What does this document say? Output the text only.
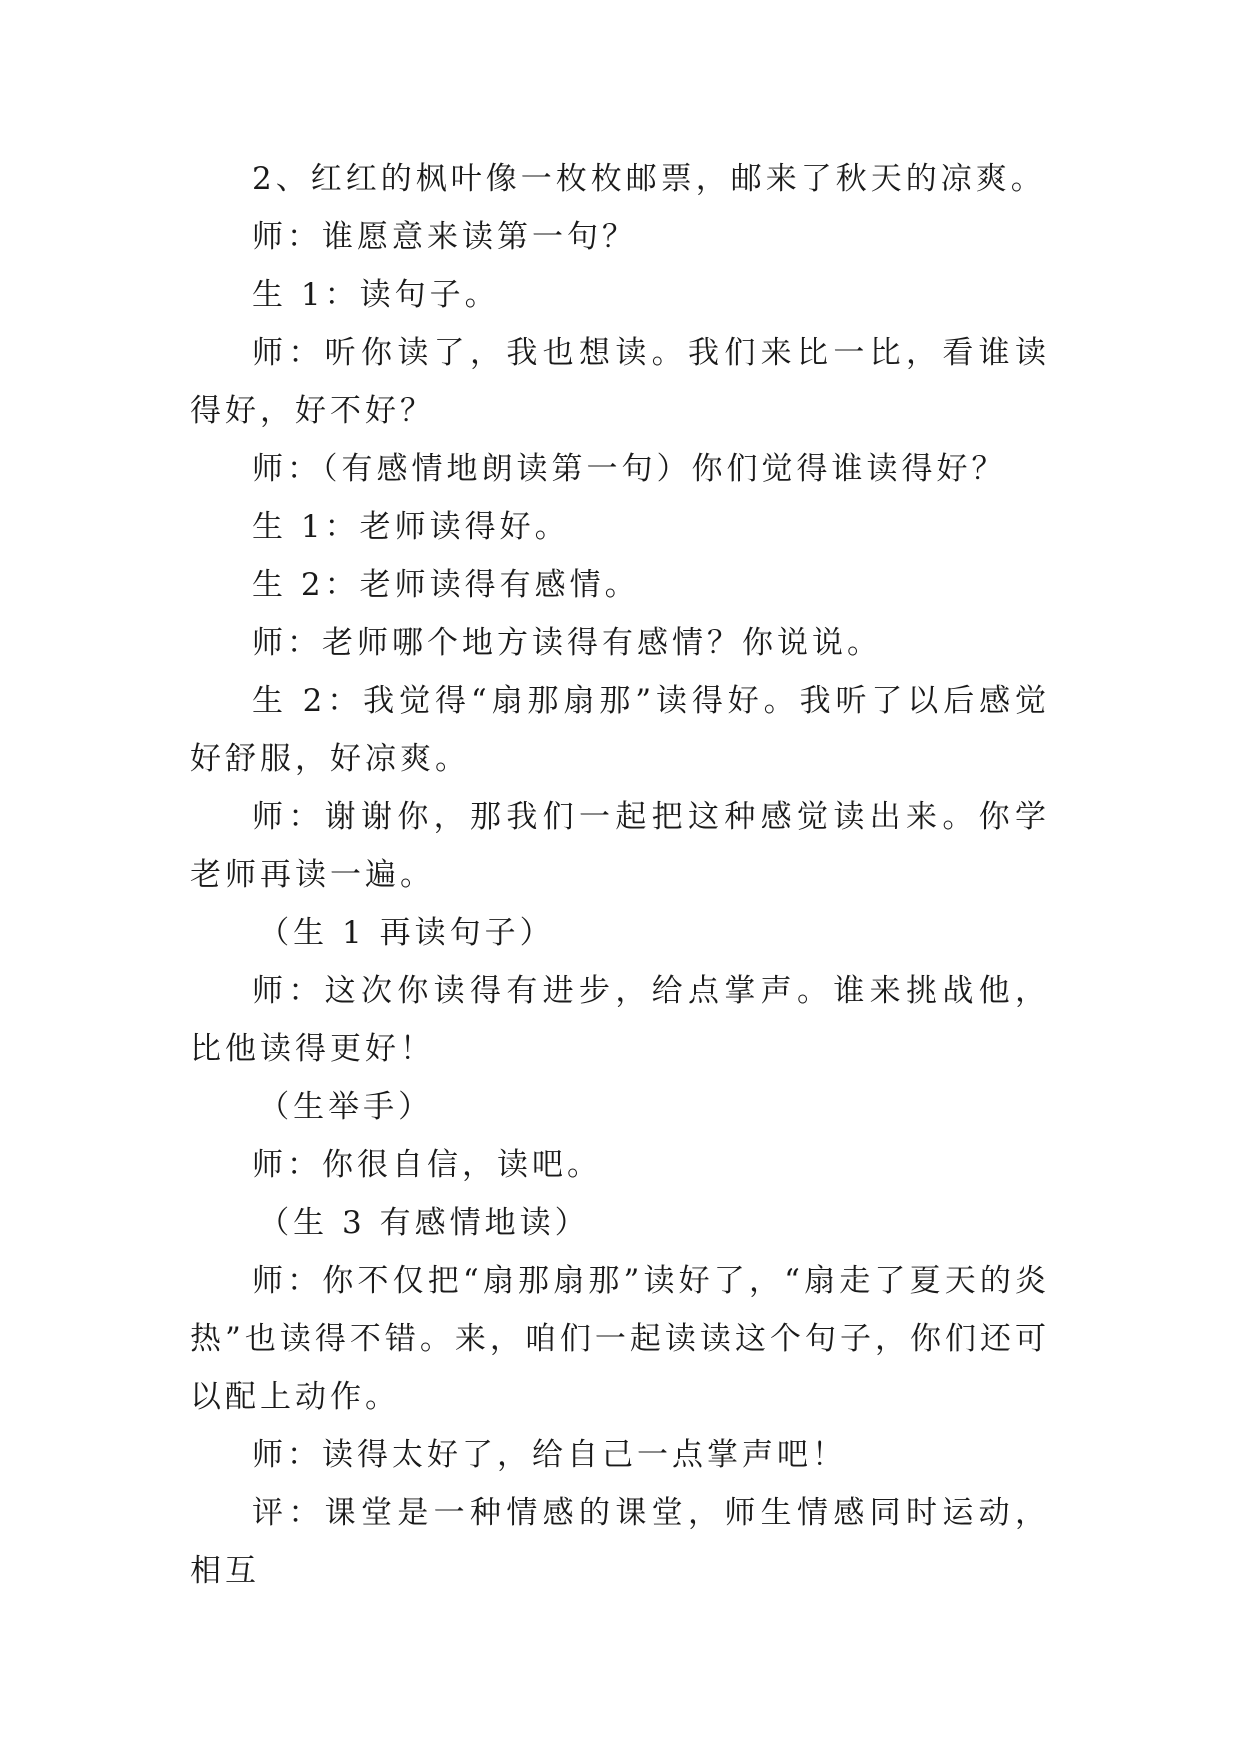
2、红红的枫叶像一枚枚邮票，邮来了秋天的凉爽。

师：谁愿意来读第一句？

生 1：读句子。

师：听你读了，我也想读。我们来比一比，看谁读得好，好不好？

师：（有感情地朗读第一句）你们觉得谁读得好？

生 1：老师读得好。

生 2：老师读得有感情。

师：老师哪个地方读得有感情？你说说。

生 2：我觉得“扇那扇那”读得好。我听了以后感觉好舒服，好凉爽。

师：谢谢你，那我们一起把这种感觉读出来。你学老师再读一遍。

（生 1 再读句子）

师：这次你读得有进步，给点掌声。谁来挑战他，比他读得更好！

（生举手）

师：你很自信，读吧。

（生 3 有感情地读）

师：你不仅把“扇那扇那”读好了，“扇走了夏天的炎热”也读得不错。来，咱们一起读读这个句子，你们还可以配上动作。

师：读得太好了，给自己一点掌声吧！

评：课堂是一种情感的课堂，师生情感同时运动，相互
